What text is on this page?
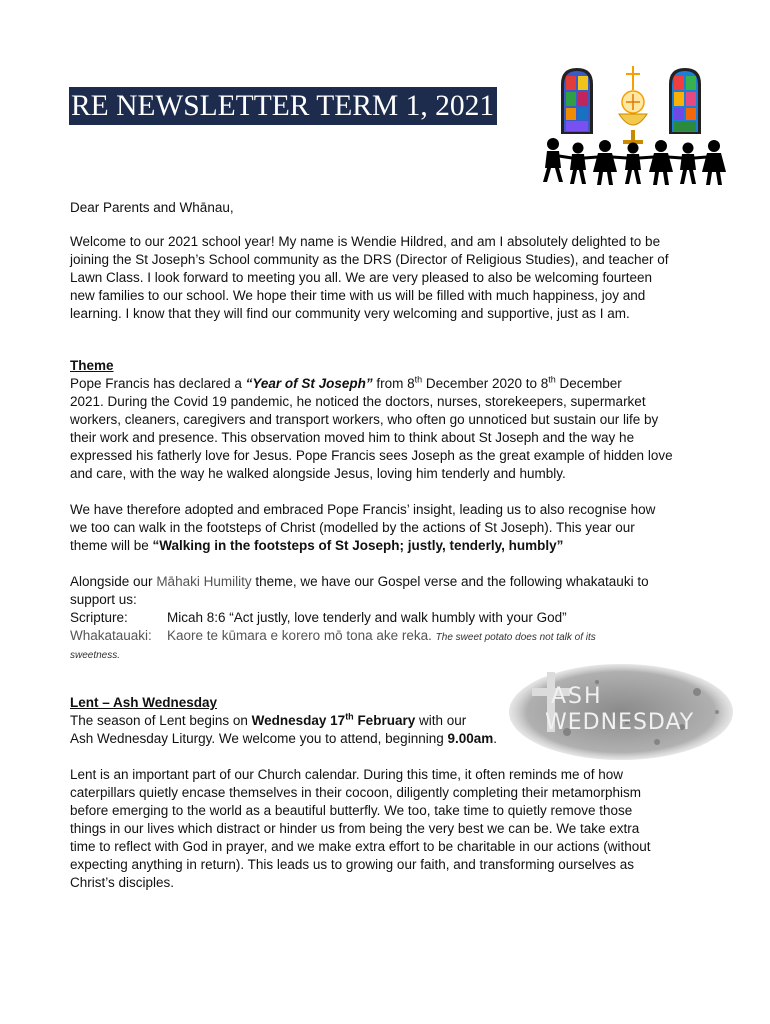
RE NEWSLETTER TERM 1, 2021
ASH
WEDNESDAY
Dear Parents and Whānau,
Welcome to our 2021 school year! My name is Wendie Hildred, and am I absolutely delighted to be
joining the St Joseph’s School community as the DRS (Director of Religious Studies), and teacher of
Lawn Class. I look forward to meeting you all. We are very pleased to also be welcoming fourteen
new families to our school. We hope their time with us will be filled with much happiness, joy and
learning. I know that they will find our community very welcoming and supportive, just as I am.
Theme
Pope Francis has declared a “Year of St Joseph” from 8th December 2020 to 8th December
2021. During the Covid 19 pandemic, he noticed the doctors, nurses, storekeepers, supermarket
workers, cleaners, caregivers and transport workers, who often go unnoticed but sustain our life by
their work and presence. This observation moved him to think about St Joseph and the way he
expressed his fatherly love for Jesus. Pope Francis sees Joseph as the great example of hidden love
and care, with the way he walked alongside Jesus, loving him tenderly and humbly.
We have therefore adopted and embraced Pope Francis’ insight, leading us to also recognise how
we too can walk in the footsteps of Christ (modelled by the actions of St Joseph). This year our
theme will be “Walking in the footsteps of St Joseph; justly, tenderly, humbly”
Alongside our Māhaki Humility theme, we have our Gospel verse and the following whakatauki to
support us:
Scripture:	Micah 8:6 “Act justly, love tenderly and walk humbly with your God”
Whakatauaki: Kaore te kūmara e korero mō tona ake reka. The sweet potato does not talk of its
sweetness.
Lent – Ash Wednesday
The season of Lent begins on Wednesday 17th February with our
Ash Wednesday Liturgy. We welcome you to attend, beginning 9.00am.
Lent is an important part of our Church calendar. During this time, it often reminds me of how
caterpillars quietly encase themselves in their cocoon, diligently completing their metamorphism
before emerging to the world as a beautiful butterfly. We too, take time to quietly remove those
things in our lives which distract or hinder us from being the very best we can be. We take extra
time to reflect with God in prayer, and we make extra effort to be charitable in our actions (without
expecting anything in return). This leads us to growing our faith, and transforming ourselves as
Christ’s disciples.
